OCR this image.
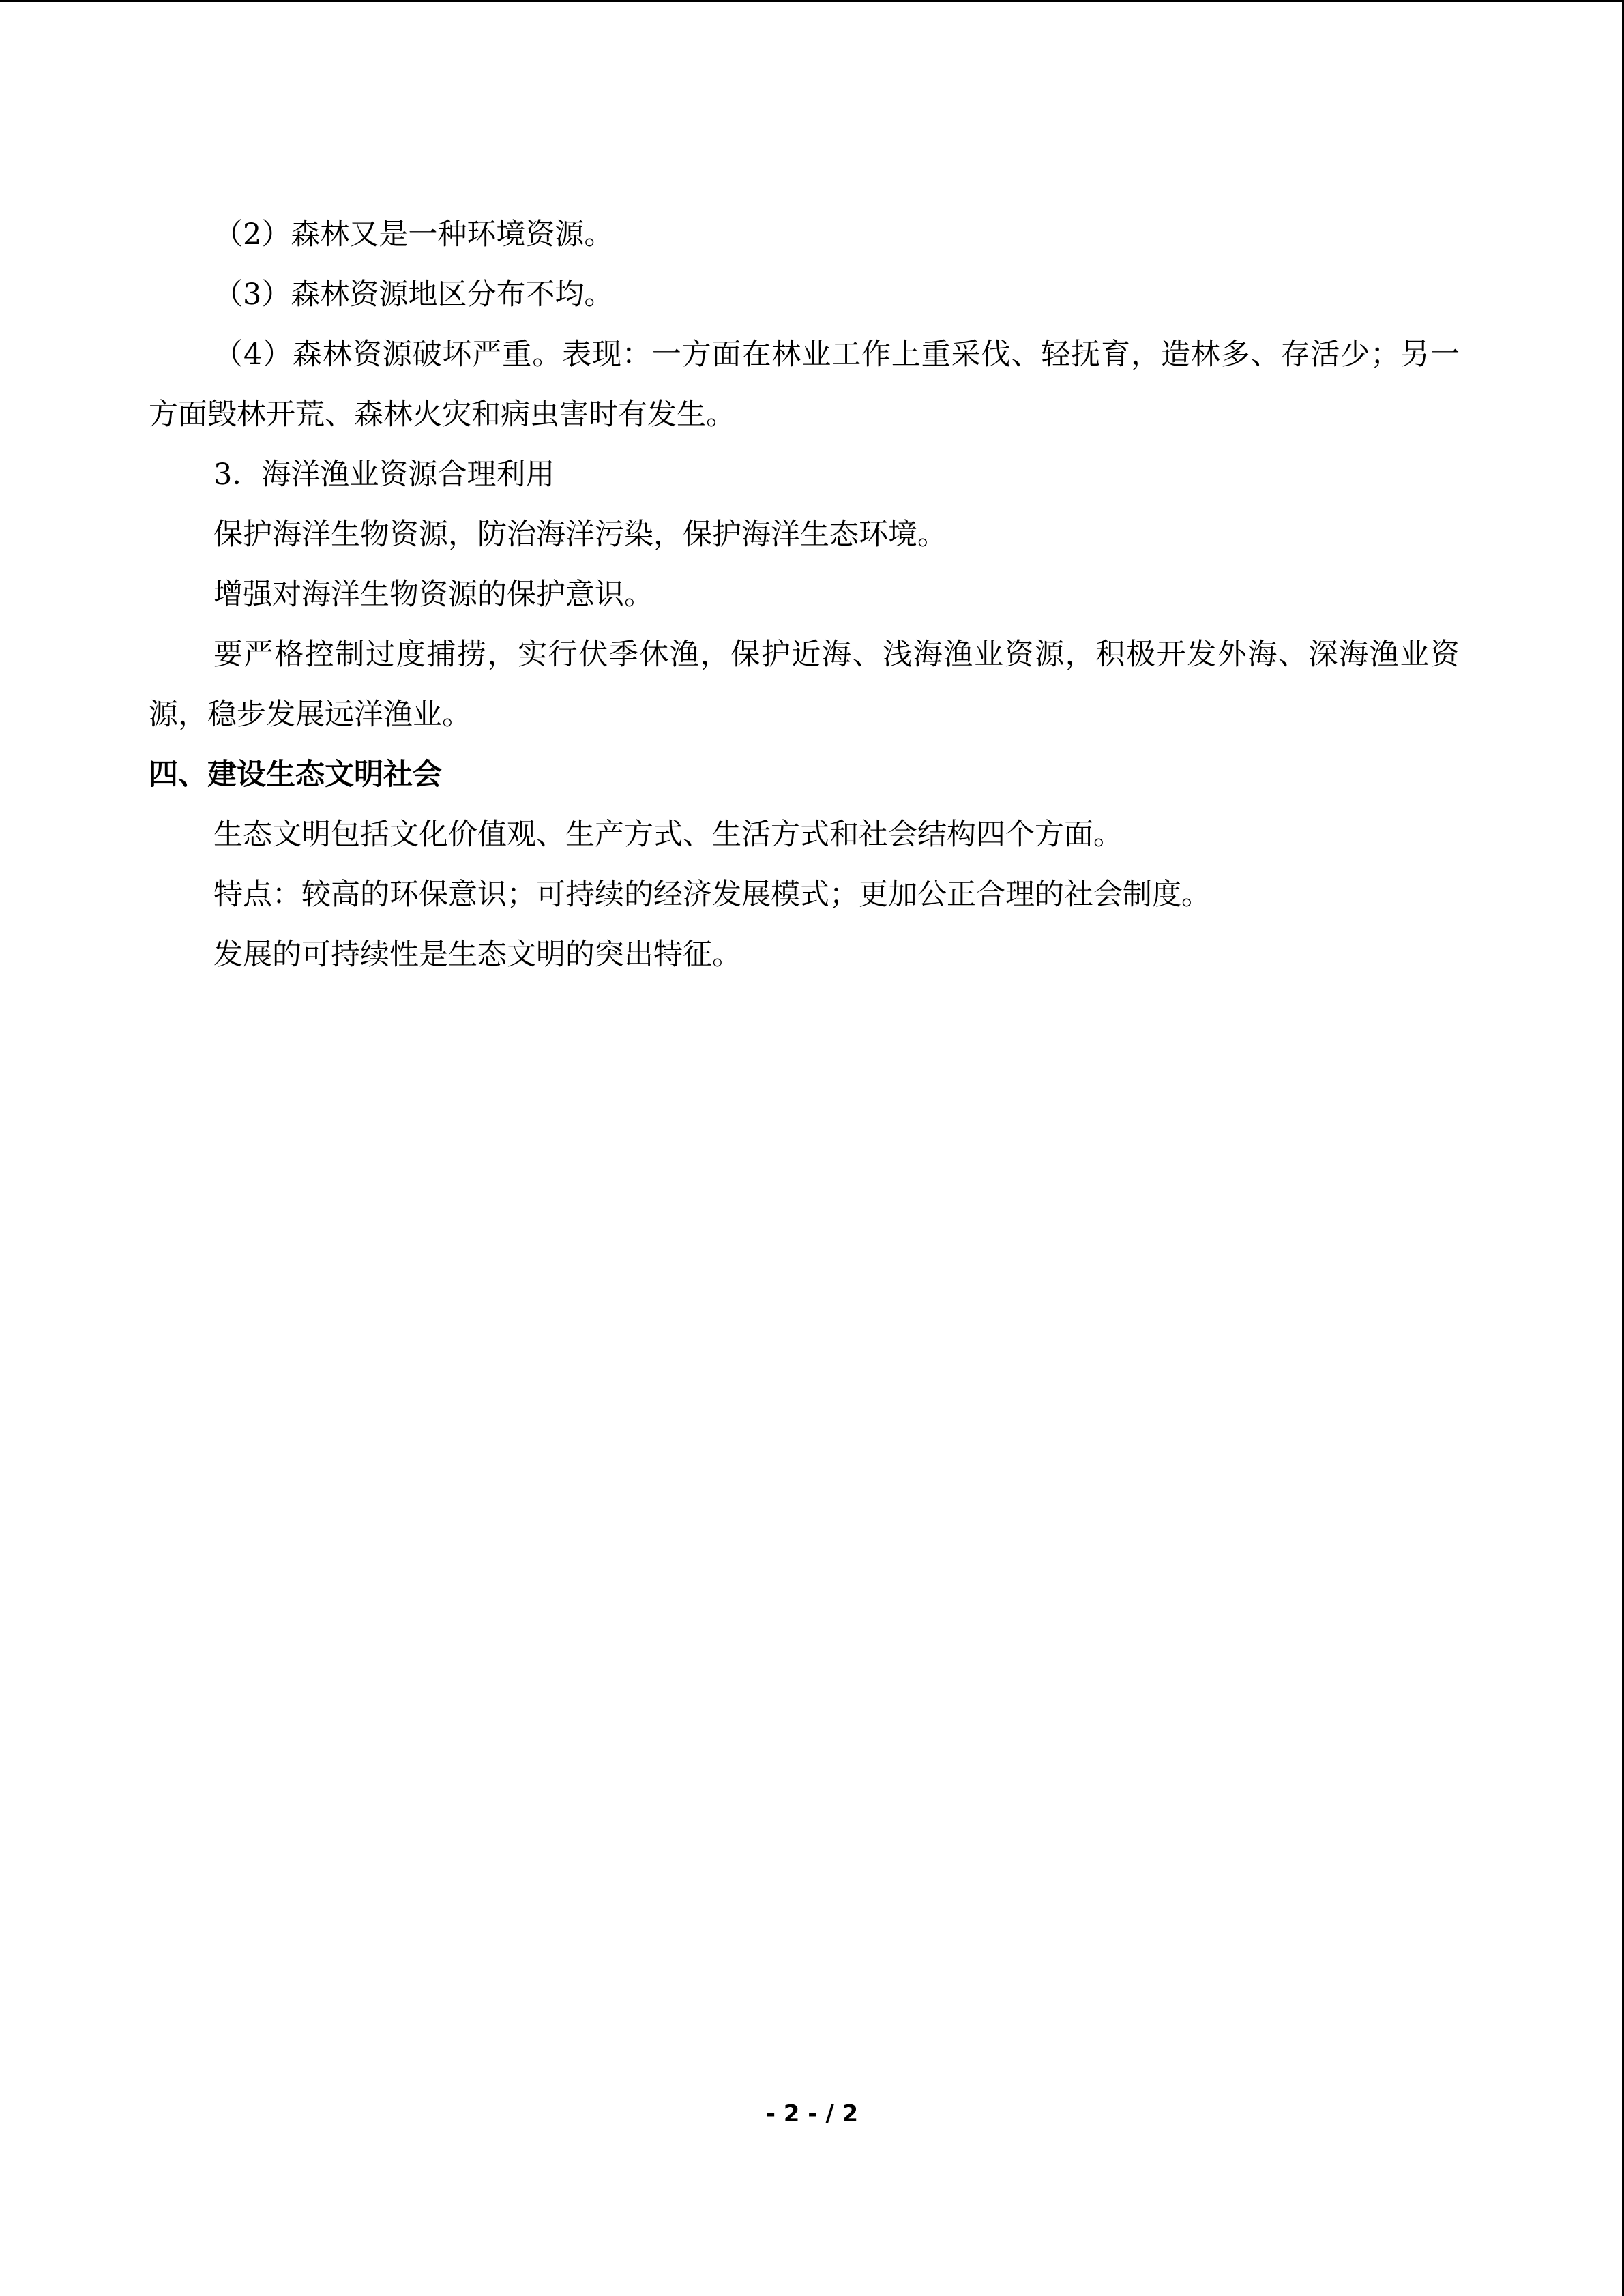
（2）森林又是一种环境资源。

（3）森林资源地区分布不均。

（4）森林资源破坏严重。表现：一方面在林业工作上重采伐、轻抚育，造林多、存活少；另一方面毁林开荒、森林火灾和病虫害时有发生。

3．海洋渔业资源合理利用

保护海洋生物资源，防治海洋污染，保护海洋生态环境。

增强对海洋生物资源的保护意识。

要严格控制过度捕捞，实行伏季休渔，保护近海、浅海渔业资源，积极开发外海、深海渔业资源，稳步发展远洋渔业。

四、建设生态文明社会

生态文明包括文化价值观、生产方式、生活方式和社会结构四个方面。

特点：较高的环保意识；可持续的经济发展模式；更加公正合理的社会制度。

发展的可持续性是生态文明的突出特征。

- 2 - / 2
